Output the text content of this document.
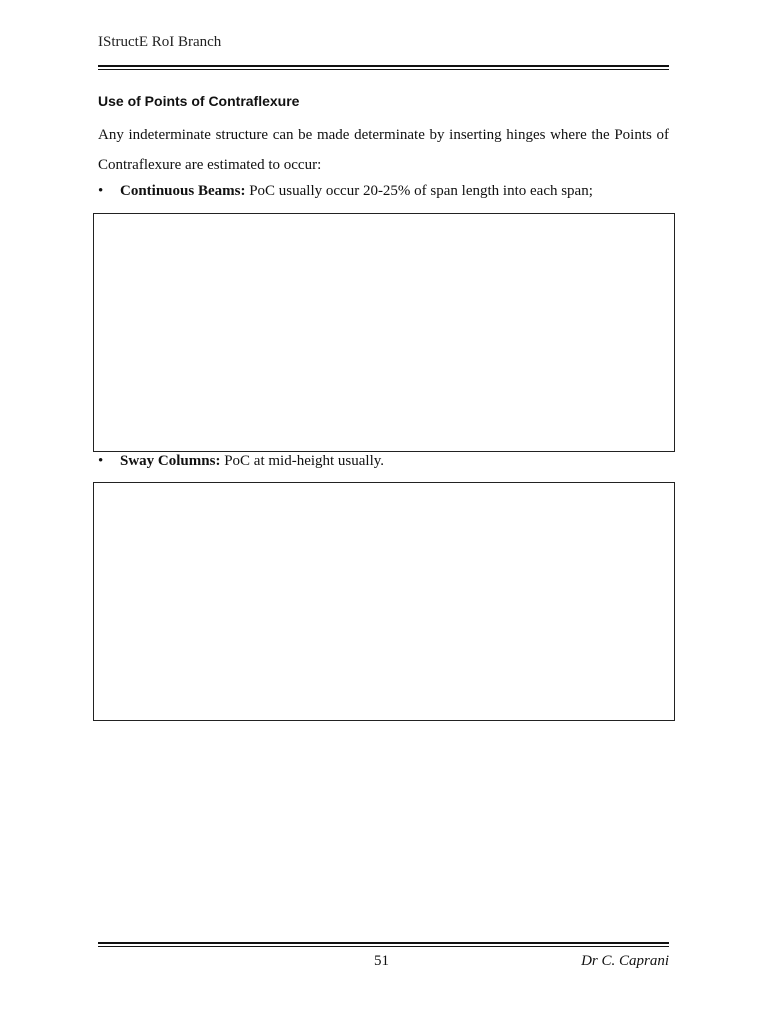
IStructE RoI Branch
Use of Points of Contraflexure
Any indeterminate structure can be made determinate by inserting hinges where the Points of Contraflexure are estimated to occur:
• Continuous Beams: PoC usually occur 20-25% of span length into each span;
• Sway Columns: PoC at mid-height usually.
51	Dr C. Caprani
